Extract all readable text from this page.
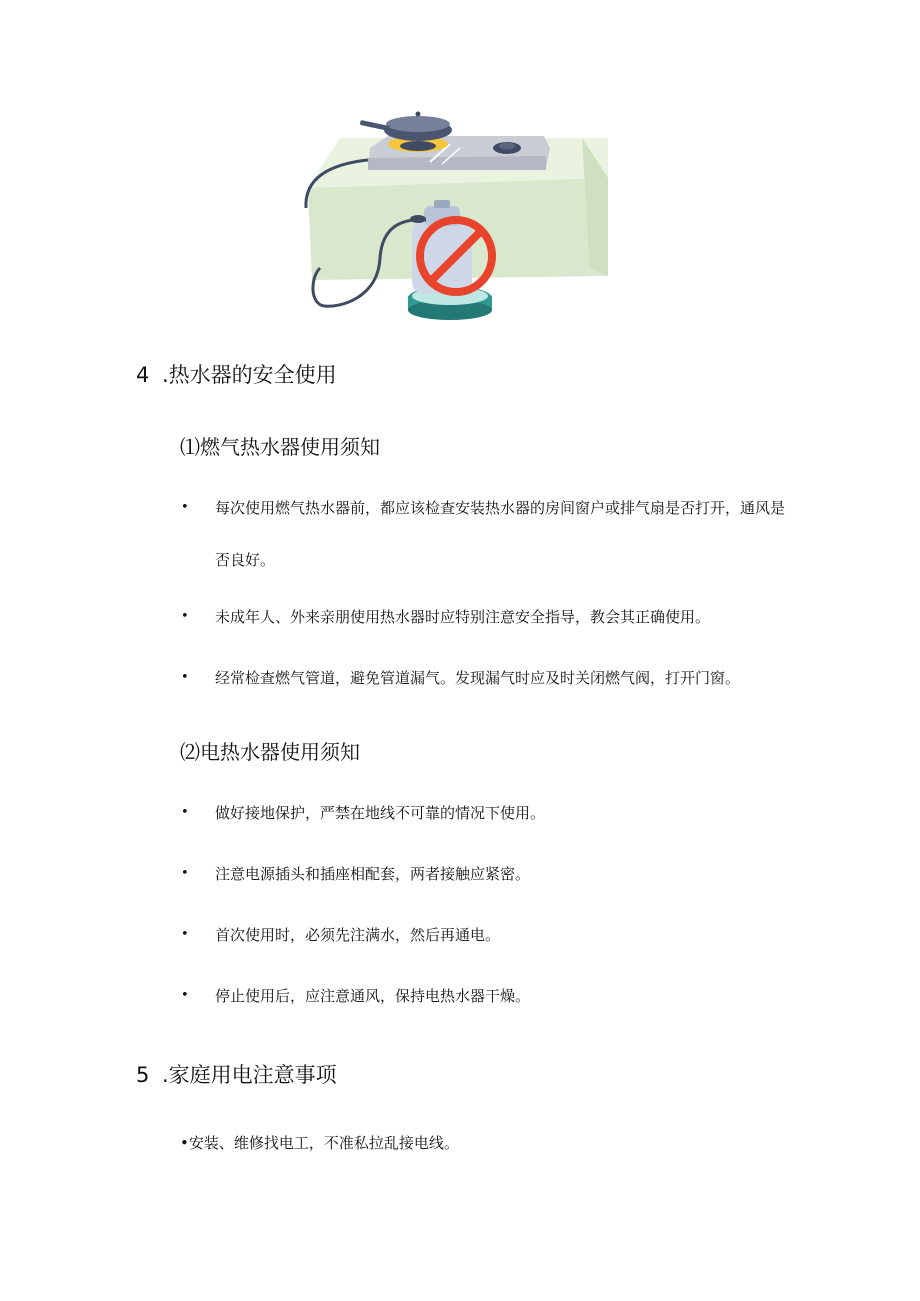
4 .热水器的安全使用
⑴燃气热水器使用须知
• 每次使用燃气热水器前，都应该检查安装热水器的房间窗户或排气扇是否打开，通风是否良好。
• 未成年人、外来亲朋使用热水器时应特别注意安全指导，教会其正确使用。
• 经常检查燃气管道，避免管道漏气。发现漏气时应及时关闭燃气阀，打开门窗。
⑵电热水器使用须知
• 做好接地保护，严禁在地线不可靠的情况下使用。
• 注意电源插头和插座相配套，两者接触应紧密。
• 首次使用时，必须先注满水，然后再通电。
• 停止使用后，应注意通风，保持电热水器干燥。
5 .家庭用电注意事项
•安装、维修找电工，不准私拉乱接电线。
